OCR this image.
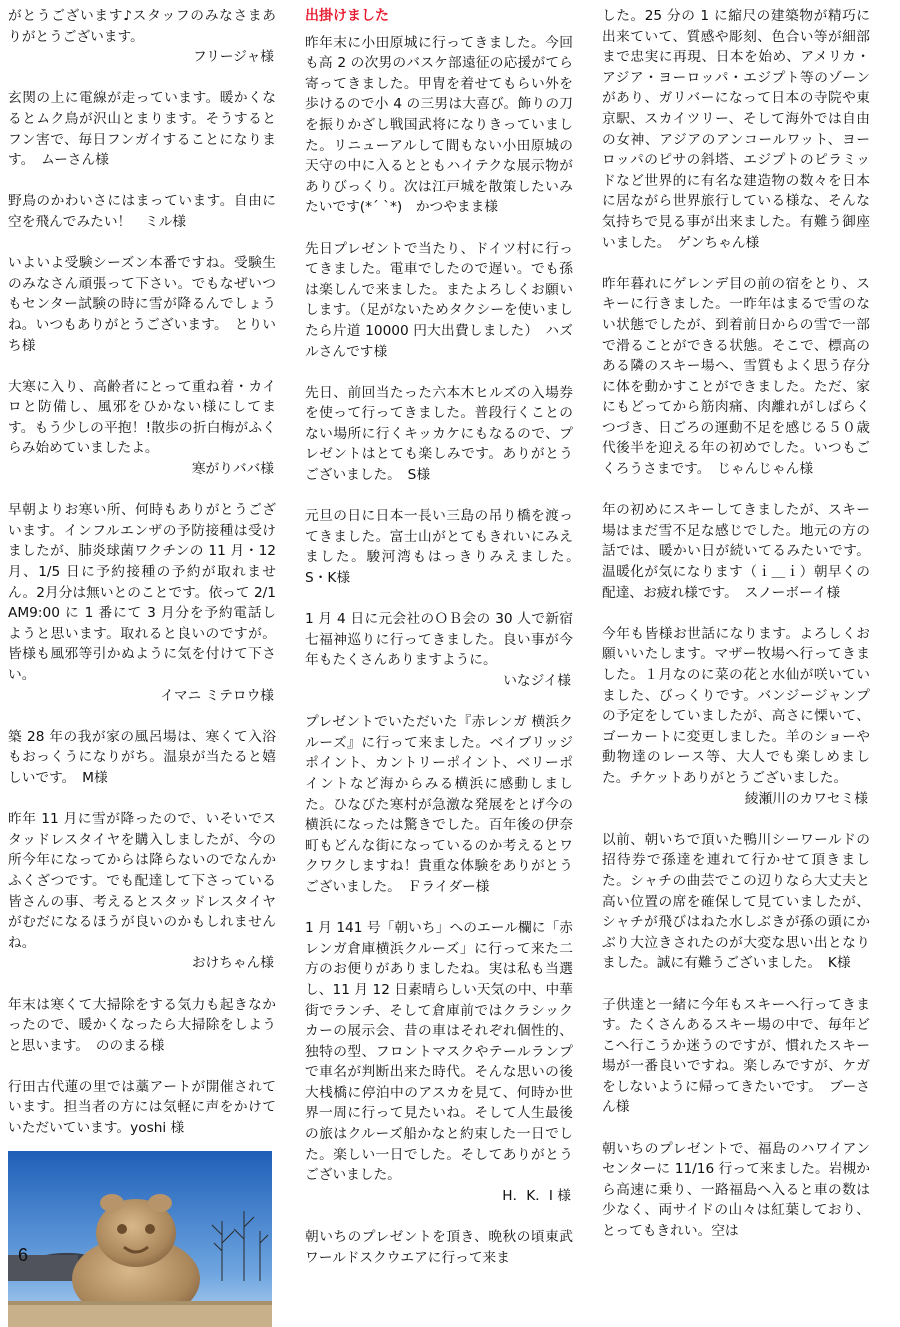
がとうございます♪スタッフのみなさまありがとうございます。

フリージャ様

玄関の上に電線が走っています。暖かくなるとムク鳥が沢山とまります。そうするとフン害で、毎日フンガイすることになります。　ムーさん様

野鳥のかわいさにはまっています。自由に空を飛んでみたい！　ミル様

いよいよ受験シーズン本番ですね。受験生のみなさん頑張って下さい。でもなぜいつもセンター試験の時に雪が降るんでしょうね。いつもありがとうございます。　とりいち様

大寒に入り、高齢者にとって重ね着・カイロと防備し、風邪をひかない様にしてます。もう少しの平抱！!散歩の折白梅がふくらみ始めていましたよ。

寒がりババ様

早朝よりお寒い所、何時もありがとうございます。インフルエンザの予防接種は受けましたが、肺炎球菌ワクチンの 11 月・12 月、1/5 日に予約接種の予約が取れません。2月分は無いとのことです。依って 2/1AM9:00 に 1 番にて 3 月分を予約電話しようと思います。取れると良いのですが。皆様も風邪等引かぬように気を付けて下さい。

イマニ ミテロウ様

築 28 年の我が家の風呂場は、寒くて入浴もおっくうになりがち。温泉が当たると嬉しいです。　M様

昨年 11 月に雪が降ったので、いそいでスタッドレスタイヤを購入しましたが、今の所今年になってからは降らないのでなんかふくざつです。でも配達して下さっている皆さんの事、考えるとスタッドレスタイヤがむだになるほうが良いのかもしれませんね。

おけちゃん様

年末は寒くて大掃除をする気力も起きなかったので、暖かくなったら大掃除をしようと思います。　ののまる様

行田古代蓮の里では藁アートが開催されています。担当者の方には気軽に声をかけていただいています。yoshi 様

出掛けました

昨年末に小田原城に行ってきました。今回も高 2 の次男のバスケ部遠征の応援がてら寄ってきました。甲冑を着せてもらい外を歩けるので小 4 の三男は大喜び。飾りの刀を振りかざし戦国武将になりきっていました。リニューアルして間もない小田原城の天守の中に入るとともハイテクな展示物がありびっくり。次は江戸城を散策したいみたいです(*´ `*)　かつやまま様

先日プレゼントで当たり、ドイツ村に行ってきました。電車でしたので遅い。でも孫は楽しんで来ました。またよろしくお願いします。（足がないためタクシーを使いましたら片道 10000 円大出費しました）　ハズルさんです様

先日、前回当たった六本木ヒルズの入場券を使って行ってきました。普段行くことのない場所に行くキッカケにもなるので、プレゼントはとても楽しみです。ありがとうございました。　S様

元旦の日に日本一長い三島の吊り橋を渡ってきました。富士山がとてもきれいにみえました。駿河湾もはっきりみえました。　S・K様

1 月 4 日に元会社のＯＢ会の 30 人で新宿七福神巡りに行ってきました。良い事が今年もたくさんありますように。

いなジイ様

プレゼントでいただいた『赤レンガ 横浜クルーズ』に行って来ました。ベイブリッジポイント、カントリーポイント、ベリーポイントなど海からみる横浜に感動しました。ひなびた寒村が急激な発展をとげ今の横浜になったは驚きでした。百年後の伊奈町もどんな街になっているのか考えるとワクワクしますね！貴重な体験をありがとうございました。　Ｆライダー様

1 月 141 号「朝いち」へのエール欄に「赤レンガ倉庫横浜クルーズ」に行って来た二方のお便りがありましたね。実は私も当選し、11 月 12 日素晴らしい天気の中、中華街でランチ、そして倉庫前ではクラシックカーの展示会、昔の車はそれぞれ個性的、独特の型、フロントマスクやテールランプで車名が判断出来た時代。そんな思いの後大桟橋に停泊中のアスカを見て、何時か世界一周に行って見たいね。そして人生最後の旅はクルーズ船かなと約束した一日でした。楽しい一日でした。そしてありがとうございました。

H．K．I 様

朝いちのプレゼントを頂き、晩秋の頃東武ワールドスクウエアに行って来ま

した。25 分の 1 に縮尺の建築物が精巧に出来ていて、質感や彫刻、色合い等が細部まで忠実に再現、日本を始め、アメリカ・アジア・ヨーロッパ・エジプト等のゾーンがあり、ガリバーになって日本の寺院や東京駅、スカイツリー、そして海外では自由の女神、アジアのアンコールワット、ヨーロッパのピサの斜塔、エジプトのピラミッドなど世界的に有名な建造物の数々を日本に居ながら世界旅行している様な、そんな気持ちで見る事が出来ました。有難う御座いました。　ゲンちゃん様

昨年暮れにゲレンデ目の前の宿をとり、スキーに行きました。一昨年はまるで雪のない状態でしたが、到着前日からの雪で一部で滑ることができる状態。そこで、標高のある隣のスキー場へ、雪質もよく思う存分に体を動かすことができました。ただ、家にもどってから筋肉痛、肉離れがしばらくつづき、日ごろの運動不足を感じる５０歳代後半を迎える年の初めでした。いつもごくろうさまです。　じゃんじゃん様

年の初めにスキーしてきましたが、スキー場はまだ雪不足な感じでした。地元の方の話では、暖かい日が続いてるみたいです。温暖化が気になります（ｉ＿ｉ）朝早くの配達、お疲れ様です。　スノーボーイ様

今年も皆様お世話になります。よろしくお願いいたします。マザー牧場へ行ってきました。１月なのに菜の花と水仙が咲いていました、びっくりです。バンジージャンプの予定をしていましたが、高さに慄いて、ゴーカートに変更しました。羊のショーや動物達のレース等、大人でも楽しめました。チケットありがとうございました。

綾瀬川のカワセミ様

以前、朝いちで頂いた鴨川シーワールドの招待券で孫達を連れて行かせて頂きました。シャチの曲芸でこの辺りなら大丈夫と高い位置の席を確保して見ていましたが、シャチが飛びはねた水しぶきが孫の頭にかぶり大泣きされたのが大変な思い出となりました。誠に有難うございました。　K様

子供達と一緒に今年もスキーへ行ってきます。たくさんあるスキー場の中で、毎年どこへ行こうか迷うのですが、慣れたスキー場が一番良いですね。楽しみですが、ケガをしないように帰ってきたいです。　ブーさん様

朝いちのプレゼントで、福島のハワイアンセンターに 11/16 行って来ました。岩槻から高速に乗り、一路福島へ入ると車の数は少なく、両サイドの山々は紅葉しており、とってもきれい。空は

6
